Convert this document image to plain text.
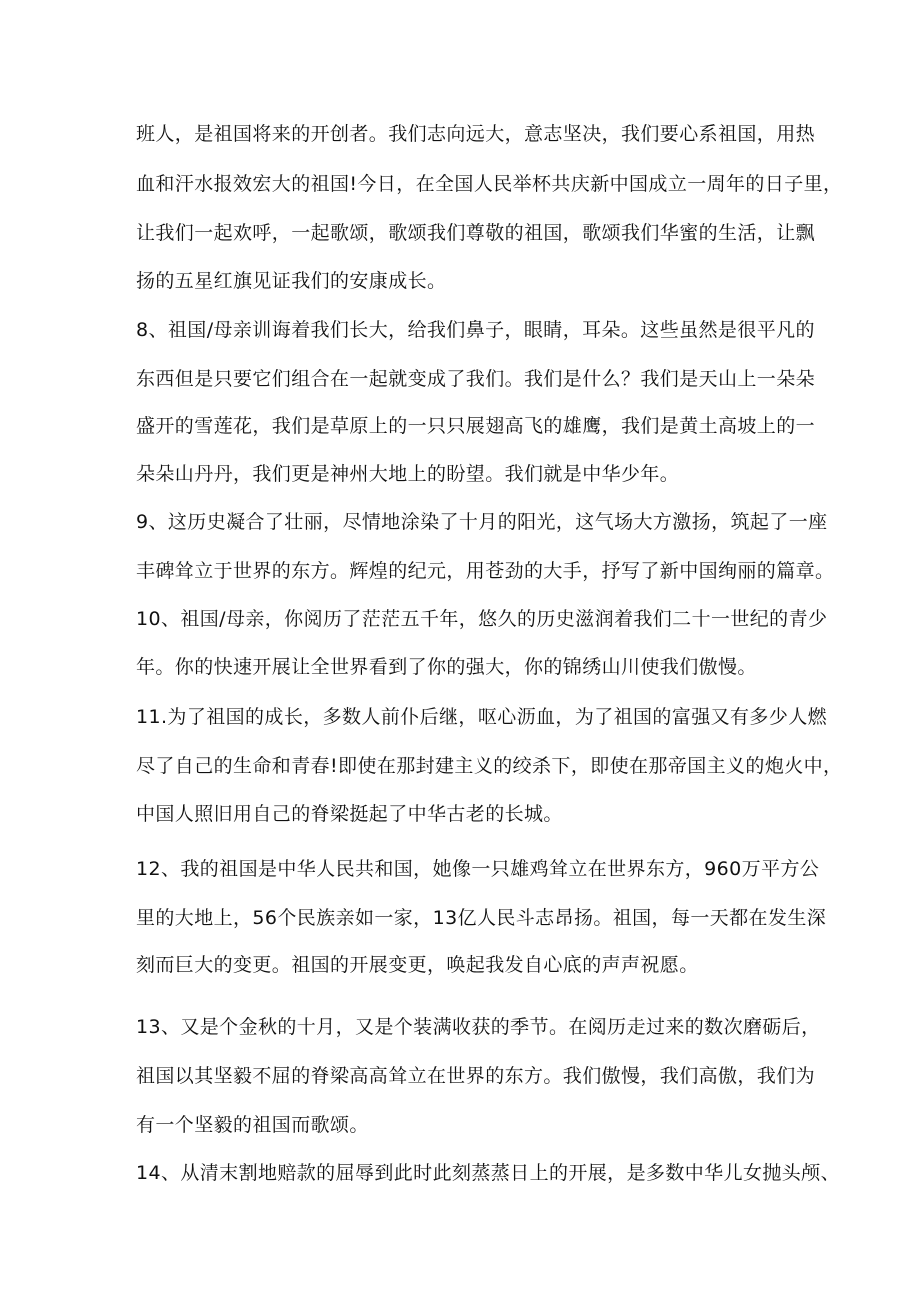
班人，是祖国将来的开创者。我们志向远大，意志坚决，我们要心系祖国，用热
血和汗水报效宏大的祖国!今日，在全国人民举杯共庆新中国成立一周年的日子里，
让我们一起欢呼，一起歌颂，歌颂我们尊敬的祖国，歌颂我们华蜜的生活，让飘
扬的五星红旗见证我们的安康成长。
8、祖国/母亲训诲着我们长大，给我们鼻子，眼睛，耳朵。这些虽然是很平凡的
东西但是只要它们组合在一起就变成了我们。我们是什么？我们是天山上一朵朵
盛开的雪莲花，我们是草原上的一只只展翅高飞的雄鹰，我们是黄土高坡上的一
朵朵山丹丹，我们更是神州大地上的盼望。我们就是中华少年。
9、这历史凝合了壮丽，尽情地涂染了十月的阳光，这气场大方激扬，筑起了一座
丰碑耸立于世界的东方。辉煌的纪元，用苍劲的大手，抒写了新中国绚丽的篇章。
10、祖国/母亲，你阅历了茫茫五千年，悠久的历史滋润着我们二十一世纪的青少
年。你的快速开展让全世界看到了你的强大，你的锦绣山川使我们傲慢。
11.为了祖国的成长，多数人前仆后继，呕心沥血，为了祖国的富强又有多少人燃
尽了自己的生命和青春!即使在那封建主义的绞杀下，即使在那帝国主义的炮火中，
中国人照旧用自己的脊梁挺起了中华古老的长城。
12、我的祖国是中华人民共和国，她像一只雄鸡耸立在世界东方，960万平方公
里的大地上，56个民族亲如一家，13亿人民斗志昂扬。祖国，每一天都在发生深
刻而巨大的变更。祖国的开展变更，唤起我发自心底的声声祝愿。
13、又是个金秋的十月，又是个装满收获的季节。在阅历走过来的数次磨砺后，
祖国以其坚毅不屈的脊梁高高耸立在世界的东方。我们傲慢，我们高傲，我们为
有一个坚毅的祖国而歌颂。
14、从清末割地赔款的屈辱到此时此刻蒸蒸日上的开展，是多数中华儿女抛头颅、
